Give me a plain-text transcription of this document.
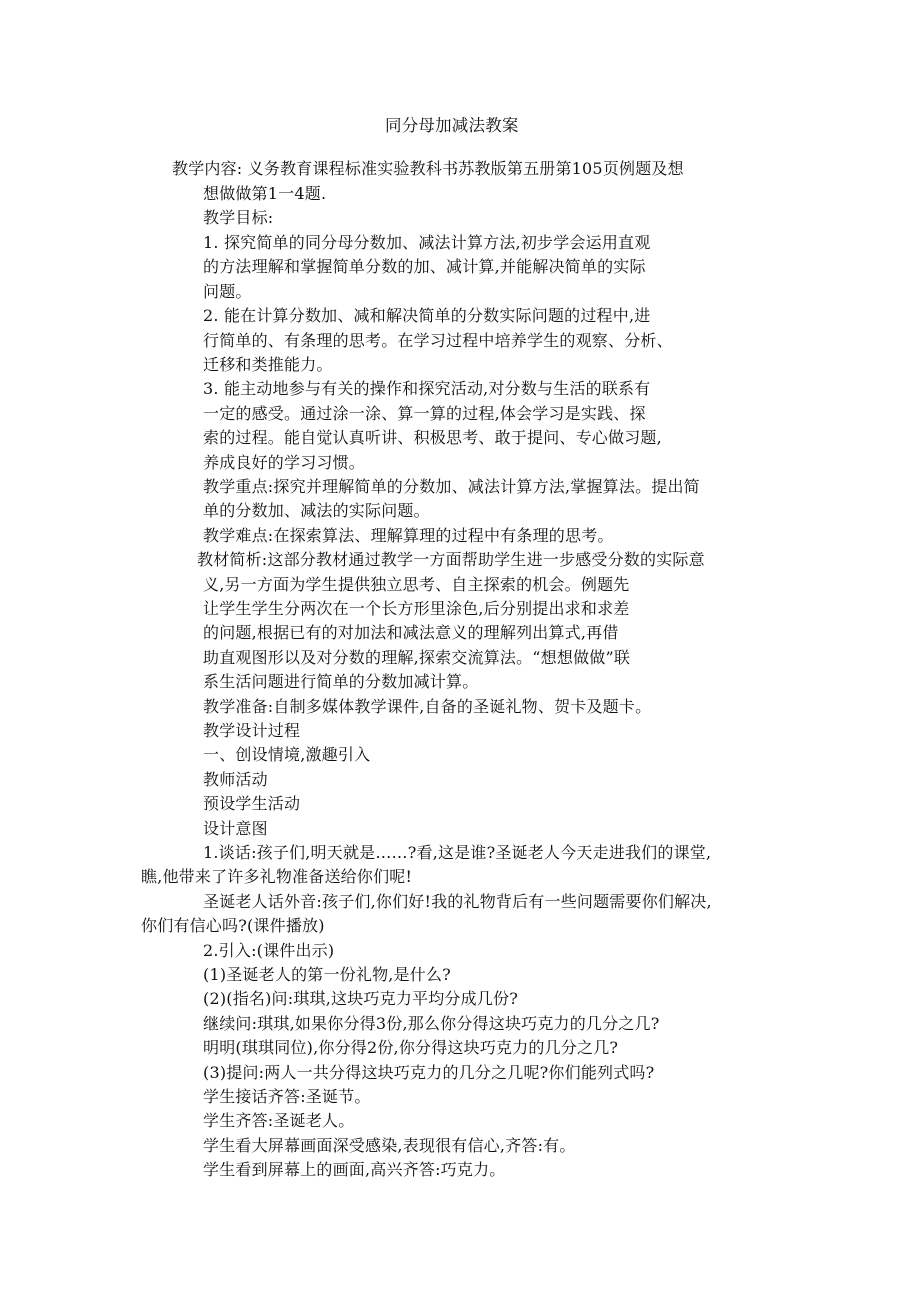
同分母加减法教案
教学内容: 义务教育课程标准实验教科书苏教版第五册第105页例题及想
想做做第1一4题.
教学目标:
1. 探究简单的同分母分数加、减法计算方法,初步学会运用直观
的方法理解和掌握简单分数的加、减计算,并能解决简单的实际
问题。
2. 能在计算分数加、减和解决简单的分数实际问题的过程中,进
行简单的、有条理的思考。在学习过程中培养学生的观察、分析、
迁移和类推能力。
3. 能主动地参与有关的操作和探究活动,对分数与生活的联系有
一定的感受。通过涂一涂、算一算的过程,体会学习是实践、探
索的过程。能自觉认真听讲、积极思考、敢于提问、专心做习题,
养成良好的学习习惯。
教学重点:探究并理解简单的分数加、减法计算方法,掌握算法。提出简
单的分数加、减法的实际问题。
教学难点:在探索算法、理解算理的过程中有条理的思考。
教材简析:这部分教材通过教学一方面帮助学生进一步感受分数的实际意
义,另一方面为学生提供独立思考、自主探索的机会。例题先
让学生学生分两次在一个长方形里涂色,后分别提出求和求差
的问题,根据已有的对加法和减法意义的理解列出算式,再借
助直观图形以及对分数的理解,探索交流算法。“想想做做”联
系生活问题进行简单的分数加减计算。
教学准备:自制多媒体教学课件,自备的圣诞礼物、贺卡及题卡。
教学设计过程
一、创设情境,激趣引入
教师活动
预设学生活动
设计意图
1.谈话:孩子们,明天就是……?看,这是谁?圣诞老人今天走进我们的课堂,
瞧,他带来了许多礼物准备送给你们呢!
圣诞老人话外音:孩子们,你们好!我的礼物背后有一些问题需要你们解决,
你们有信心吗?(课件播放)
2.引入:(课件出示)
(1)圣诞老人的第一份礼物,是什么?
(2)(指名)问:琪琪,这块巧克力平均分成几份?
继续问:琪琪,如果你分得3份,那么你分得这块巧克力的几分之几?
明明(琪琪同位),你分得2份,你分得这块巧克力的几分之几?
(3)提问:两人一共分得这块巧克力的几分之几呢?你们能列式吗?
学生接话齐答:圣诞节。
学生齐答:圣诞老人。
学生看大屏幕画面深受感染,表现很有信心,齐答:有。
学生看到屏幕上的画面,高兴齐答:巧克力。
